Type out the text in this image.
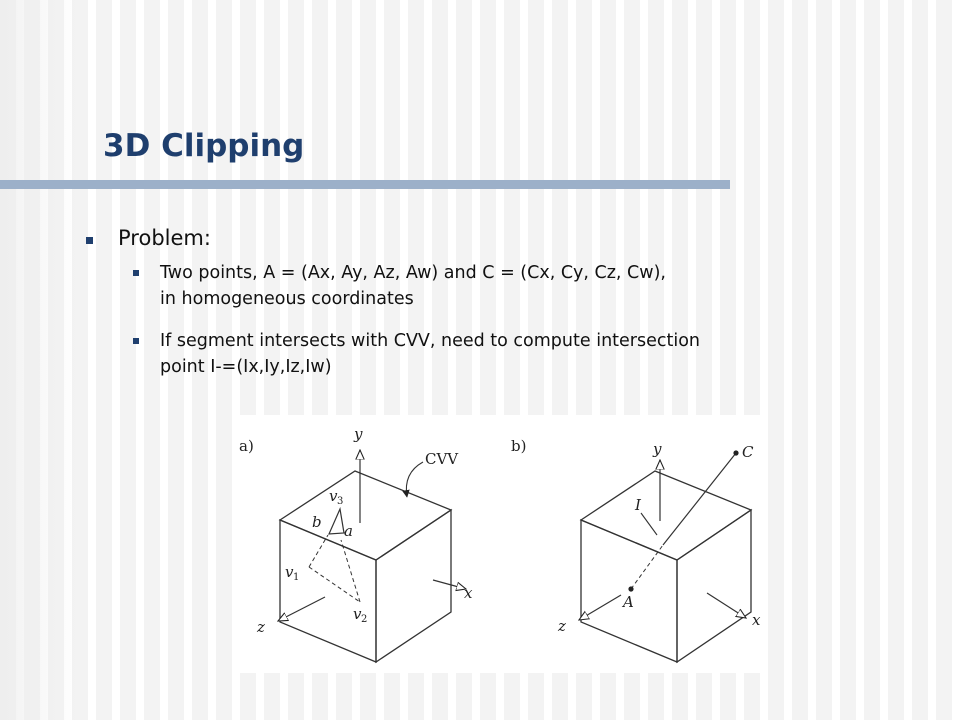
3D Clipping
Problem:
Two points, A = (Ax, Ay, Az, Aw) and C = (Cx, Cy, Cz, Cw),
in homogeneous coordinates
If segment intersects with CVV, need to compute intersection
point I-=(Ix,Iy,Iz,Iw)
a)
y
x
z
CVV
v 3
b a
v 1
v 2
b)	y
x
z
C
A
I
